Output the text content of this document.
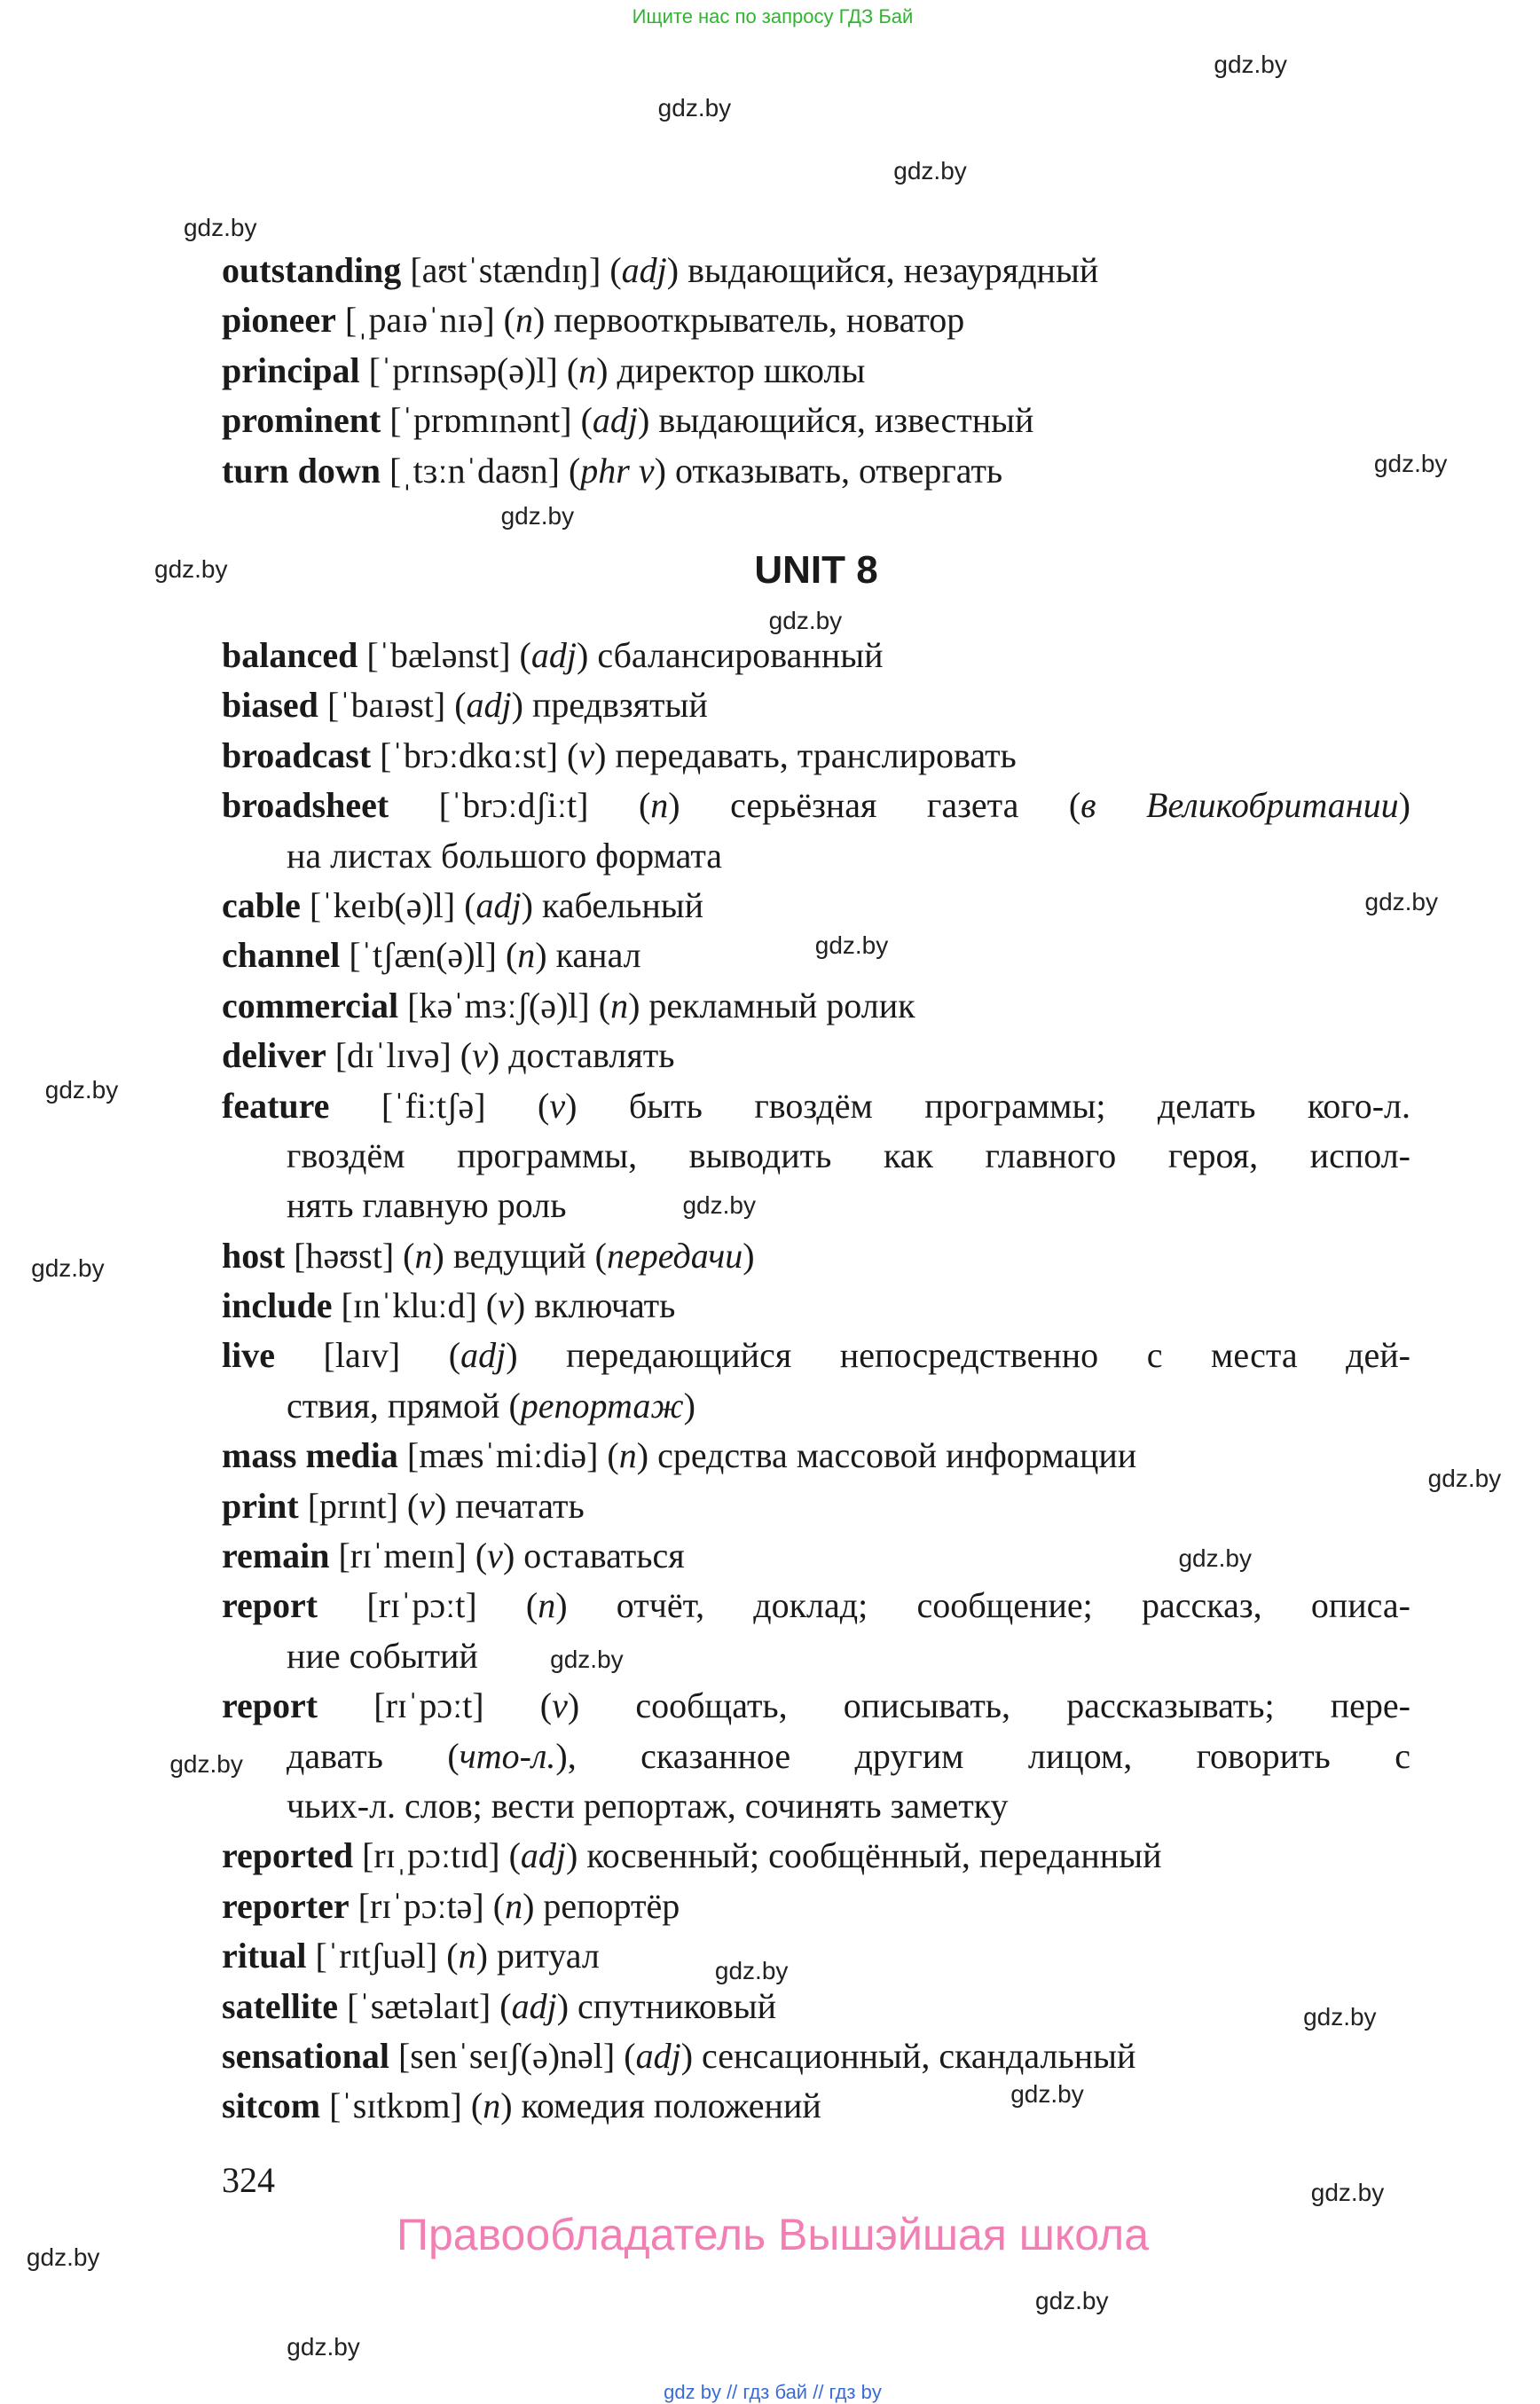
Ищите нас по запросу ГДЗ Бай
gdz.by
gdz.by
gdz.by
gdz.by
gdz.by
gdz.by
gdz.by
gdz.by
gdz.by
gdz.by
gdz.by
gdz.by
gdz.by
gdz.by
gdz.by
gdz.by
gdz.by
gdz.by
gdz.by
gdz.by
gdz.by
gdz.by
gdz.by
gdz.by
outstanding [aʊtˈstændɪŋ] (adj) выдающийся, незаурядный
pioneer [ˌpaɪəˈnɪə] (n) первооткрыватель, новатор
principal [ˈprɪnsəp(ə)l] (n) директор школы
prominent [ˈprɒmɪnənt] (adj) выдающийся, известный
turn down [ˌtɜːnˈdaʊn] (phr v) отказывать, отвергать
UNIT 8
balanced [ˈbælənst] (adj) сбалансированный
biased [ˈbaɪəst] (adj) предвзятый
broadcast [ˈbrɔːdkɑːst] (v) передавать, транслировать
broadsheet [ˈbrɔːdʃiːt] (n) серьёзная газета (в Великобритании)
на листах большого формата
cable [ˈkeɪb(ə)l] (adj) кабельный
channel [ˈtʃæn(ə)l] (n) канал
commercial [kəˈmɜːʃ(ə)l] (n) рекламный ролик
deliver [dɪˈlɪvə] (v) доставлять
feature [ˈfiːtʃə] (v) быть гвоздём программы; делать кого-л.
гвоздём программы, выводить как главного героя, испол-
нять главную роль
host [həʊst] (n) ведущий (передачи)
include [ɪnˈkluːd] (v) включать
live [laɪv] (adj) передающийся непосредственно с места дей-
ствия, прямой (репортаж)
mass media [mæsˈmiːdiə] (n) средства массовой информации
print [prɪnt] (v) печатать
remain [rɪˈmeɪn] (v) оставаться
report [rɪˈpɔːt] (n) отчёт, доклад; сообщение; рассказ, описа-
ние событий
report [rɪˈpɔːt] (v) сообщать, описывать, рассказывать; пере-
давать (что-л.), сказанное другим лицом, говорить с
чьих-л. слов; вести репортаж, сочинять заметку
reported [rɪˌpɔːtɪd] (adj) косвенный; сообщённый, переданный
reporter [rɪˈpɔːtə] (n) репортёр
ritual [ˈrɪtʃuəl] (n) ритуал
satellite [ˈsætəlaɪt] (adj) спутниковый
sensational [senˈseɪʃ(ə)nəl] (adj) сенсационный, скандальный
sitcom [ˈsɪtkɒm] (n) комедия положений
324
Правообладатель Вышэйшая школа
gdz by // гдз бай // гдз by
